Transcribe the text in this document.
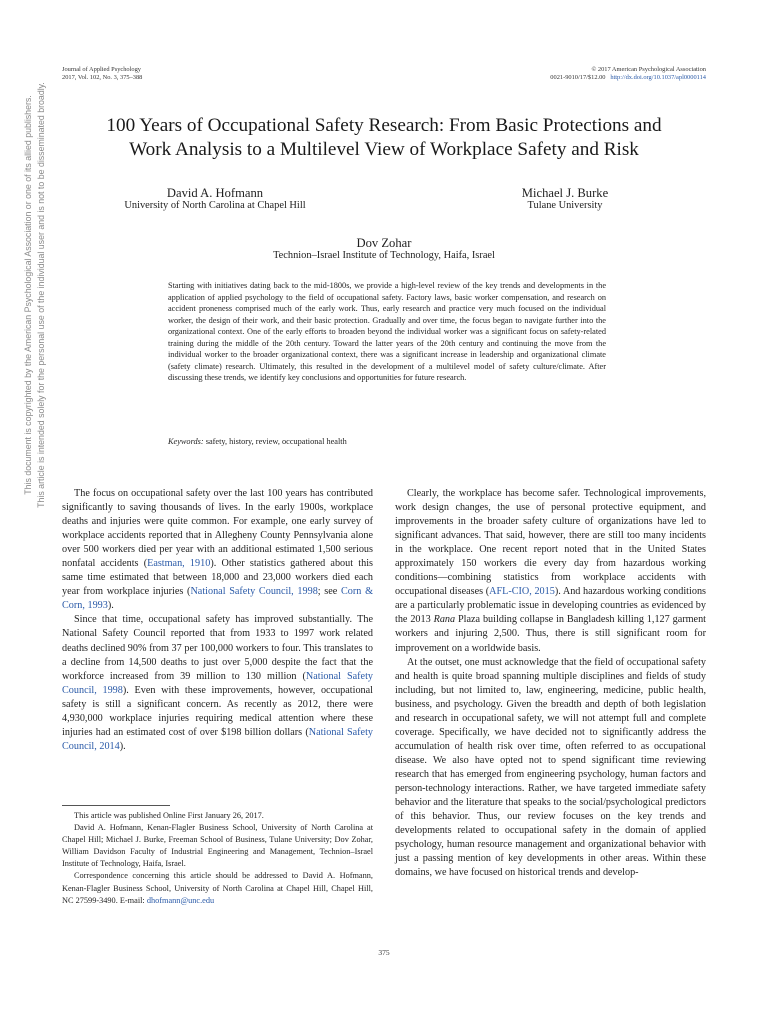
Journal of Applied Psychology
2017, Vol. 102, No. 3, 375–388
© 2017 American Psychological Association
0021-9010/17/$12.00 http://dx.doi.org/10.1037/apl0000114
100 Years of Occupational Safety Research: From Basic Protections and
Work Analysis to a Multilevel View of Workplace Safety and Risk
David A. Hofmann
University of North Carolina at Chapel Hill
Michael J. Burke
Tulane University
Dov Zohar
Technion–Israel Institute of Technology, Haifa, Israel
Starting with initiatives dating back to the mid-1800s, we provide a high-level review of the key trends and developments in the application of applied psychology to the field of occupational safety. Factory laws, basic worker compensation, and research on accident proneness comprised much of the early work. Thus, early research and practice very much focused on the individual worker, the design of their work, and their basic protection. Gradually and over time, the focus began to navigate further into the organizational context. One of the early efforts to broaden beyond the individual worker was a significant focus on safety-related training during the middle of the 20th century. Toward the latter years of the 20th century and continuing the move from the individual worker to the broader organizational context, there was a significant increase in leadership and organizational climate (safety climate) research. Ultimately, this resulted in the development of a multilevel model of safety culture/climate. After discussing these trends, we identify key conclusions and opportunities for future research.
Keywords: safety, history, review, occupational health

The focus on occupational safety over the last 100 years has contributed significantly to saving thousands of lives. In the early 1900s, workplace deaths and injuries were quite common. For example, one early survey of workplace accidents reported that in Allegheny County Pennsylvania alone over 500 workers died per year with an additional estimated 1,500 serious nonfatal accidents (Eastman, 1910). Other statistics gathered about this same time estimated that between 18,000 and 23,000 workers died each year from workplace injuries (National Safety Council, 1998; see Corn & Corn, 1993).

Since that time, occupational safety has improved substantially. The National Safety Council reported that from 1933 to 1997 work related deaths declined 90% from 37 per 100,000 workers to four. This translates to a decline from 14,500 deaths to just over 5,000 despite the fact that the workforce increased from 39 million to 130 million (National Safety Council, 1998). Even with these improvements, however, occupational safety is still a significant concern. As recently as 2012, there were 4,930,000 workplace injuries requiring medical attention where these injuries had an estimated cost of over $198 billion dollars (National Safety Council, 2014).

This article was published Online First January 26, 2017.

David A. Hofmann, Kenan-Flagler Business School, University of North Carolina at Chapel Hill; Michael J. Burke, Freeman School of Business, Tulane University; Dov Zohar, William Davidson Faculty of Industrial Engineering and Management, Technion–Israel Institute of Technology, Haifa, Israel.

Correspondence concerning this article should be addressed to David A. Hofmann, Kenan-Flagler Business School, University of North Carolina at Chapel Hill, Chapel Hill, NC 27599-3490. E-mail: dhofmann@unc.edu

Clearly, the workplace has become safer. Technological improvements, work design changes, the use of personal protective equipment, and improvements in the broader safety culture of organizations have led to significant advances. That said, however, there are still too many incidents in the workplace. One recent report noted that in the United States approximately 150 workers die every day from hazardous working conditions—combining statistics from workplace accidents with occupational diseases (AFL-CIO, 2015). And hazardous working conditions are a particularly problematic issue in developing countries as evidenced by the 2013 Rana Plaza building collapse in Bangladesh killing 1,127 garment workers and injuring 2,500. Thus, there is still significant room for improvement on a worldwide basis.

At the outset, one must acknowledge that the field of occupational safety and health is quite broad spanning multiple disciplines and fields of study including, but not limited to, law, engineering, medicine, public health, business, and psychology. Given the breadth and depth of both legislation and research in occupational safety, we will not attempt full and complete coverage. Specifically, we have decided not to significantly address the accumulation of health risk over time, often referred to as occupational disease. We also have opted not to spend significant time reviewing research that has emerged from engineering psychology, human factors and person-technology interactions. Rather, we have targeted immediate safety behavior and the literature that speaks to the social/psychological predictors of this behavior. Thus, our review focuses on the key trends and developments related to occupational safety in the domain of applied psychology, human resource management and organizational behavior with just a passing mention of key developments in other areas. Within these domains, we have focused on historical trends and develop-

This document is copyrighted by the American Psychological Association or one of its allied publishers. This article is intended solely for the personal use of the individual user and is not to be disseminated broadly.
375
